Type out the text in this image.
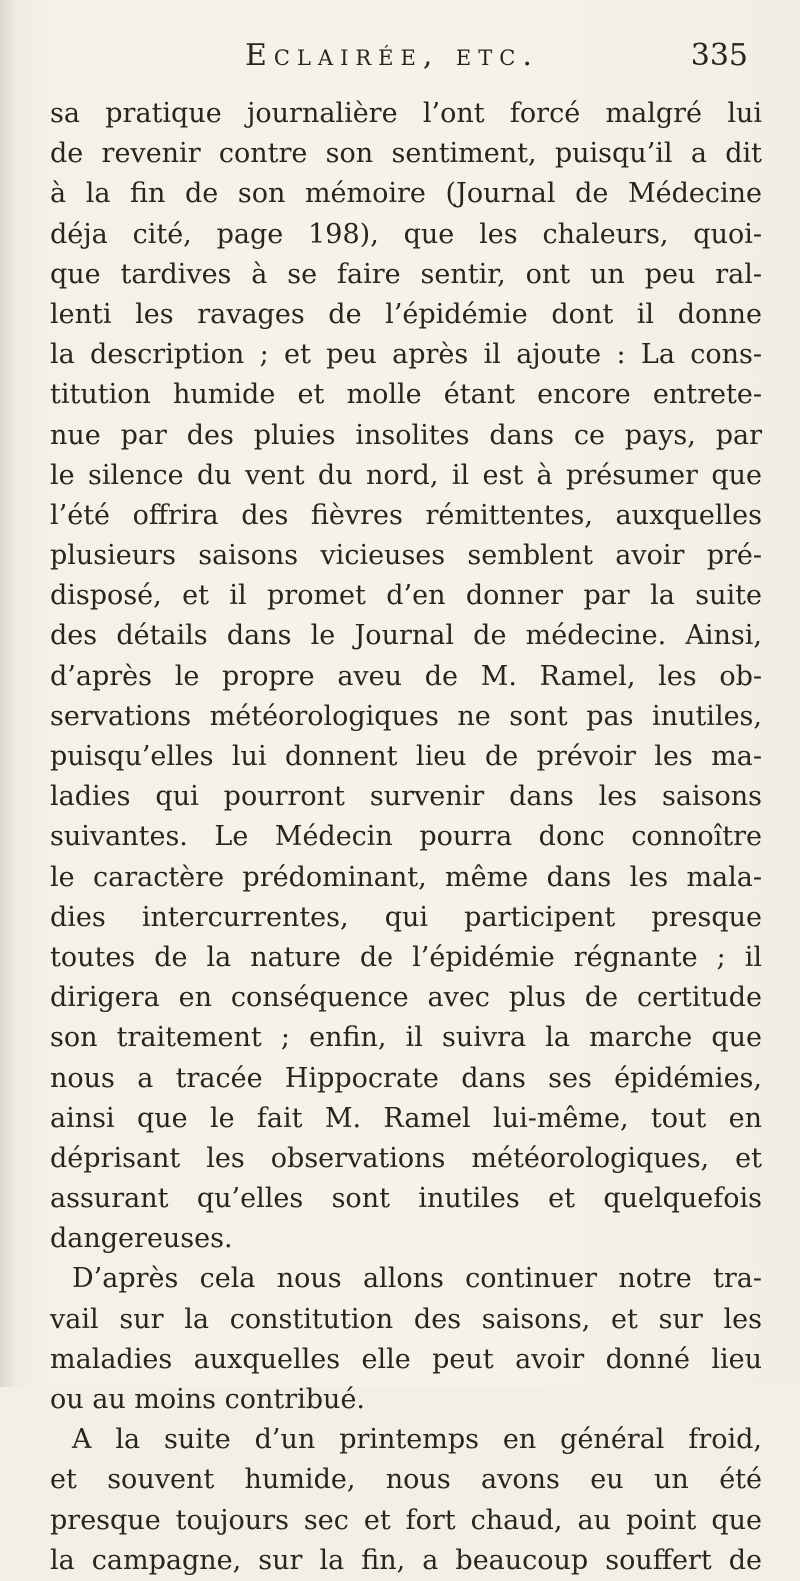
Eclairée, etc.	335
sa pratique journalière l’ont forcé malgré lui
de revenir contre son sentiment, puisqu’il a dit
à la fin de son mémoire (Journal de Médecine
déja cité, page 198), que les chaleurs, quoi-
que tardives à se faire sentir, ont un peu ral-
lenti les ravages de l’épidémie dont il donne
la description ; et peu après il ajoute : La cons-
titution humide et molle étant encore entrete-
nue par des pluies insolites dans ce pays, par
le silence du vent du nord, il est à présumer que
l’été offrira des fièvres rémittentes, auxquelles
plusieurs saisons vicieuses semblent avoir pré-
disposé, et il promet d’en donner par la suite
des détails dans le Journal de médecine. Ainsi,
d’après le propre aveu de M. Ramel, les ob-
servations météorologiques ne sont pas inutiles,
puisqu’elles lui donnent lieu de prévoir les ma-
ladies qui pourront survenir dans les saisons
suivantes. Le Médecin pourra donc connoître
le caractère prédominant, même dans les mala-
dies intercurrentes, qui participent presque
toutes de la nature de l’épidémie régnante ; il
dirigera en conséquence avec plus de certitude
son traitement ; enfin, il suivra la marche que
nous a tracée Hippocrate dans ses épidémies,
ainsi que le fait M. Ramel lui-même, tout en
déprisant les observations météorologiques, et
assurant qu’elles sont inutiles et quelquefois
dangereuses.
D’après cela nous allons continuer notre tra-
vail sur la constitution des saisons, et sur les
maladies auxquelles elle peut avoir donné lieu
ou au moins contribué.
A la suite d’un printemps en général froid,
et souvent humide, nous avons eu un été
presque toujours sec et fort chaud, au point que
la campagne, sur la fin, a beaucoup souffert de
